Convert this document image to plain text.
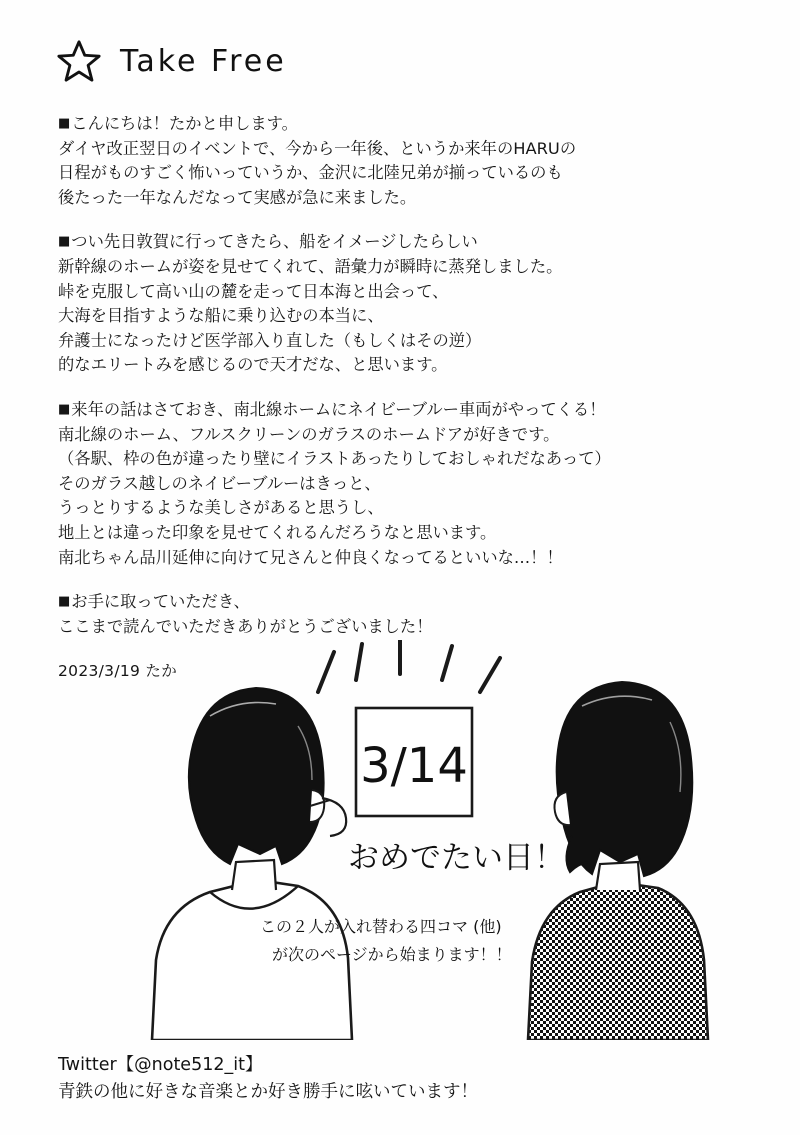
Take Free
■こんにちは！たかと申します。
ダイヤ改正翌日のイベントで、今から一年後、というか来年のHARUの
日程がものすごく怖いっていうか、金沢に北陸兄弟が揃っているのも
後たった一年なんだなって実感が急に来ました。
■つい先日敦賀に行ってきたら、船をイメージしたらしい
新幹線のホームが姿を見せてくれて、語彙力が瞬時に蒸発しました。
峠を克服して高い山の麓を走って日本海と出会って、
大海を目指すような船に乗り込むの本当に、
弁護士になったけど医学部入り直した（もしくはその逆）
的なエリートみを感じるので天才だな、と思います。
■来年の話はさておき、南北線ホームにネイビーブルー車両がやってくる！
南北線のホーム、フルスクリーンのガラスのホームドアが好きです。
（各駅、枠の色が違ったり壁にイラストあったりしておしゃれだなあって）
そのガラス越しのネイビーブルーはきっと、
うっとりするような美しさがあると思うし、
地上とは違った印象を見せてくれるんだろうなと思います。
南北ちゃん品川延伸に向けて兄さんと仲良くなってるといいな…！！
■お手に取っていただき、
ここまで読んでいただきありがとうございました！
2023/3/19 たか
3/14
おめでたい日！
この２人が入れ替わる四コマ (他)
が次のページから始まります！！
Twitter【@note512_it】
青鉄の他に好きな音楽とか好き勝手に呟いています！
